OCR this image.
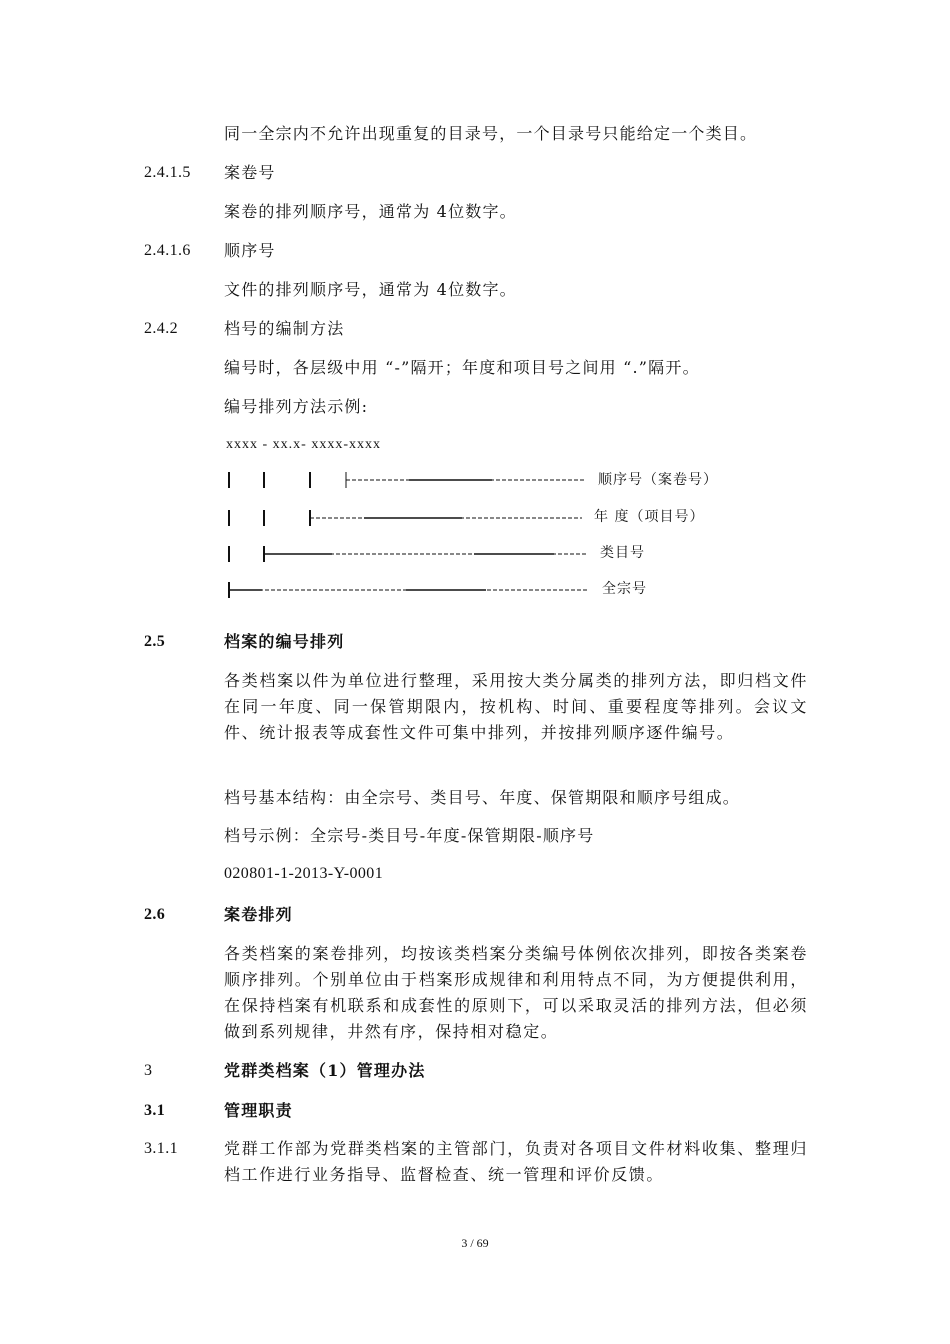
同一全宗内不允许出现重复的目录号，一个目录号只能给定一个类目。
2.4.1.5 案卷号
案卷的排列顺序号，通常为 4位数字。
2.4.1.6 顺序号
文件的排列顺序号，通常为 4位数字。
2.4.2	档号的编制方法
编号时，各层级中用 “-”隔开；年度和项目号之间用 “.”隔开。
编号排列方法示例:
xxxx - xx.x- xxxx-xxxx
顺序号（案卷号）
年 度（项目号）
类目号
全宗号
2.5	档案的编号排列
各类档案以件为单位进行整理，采用按大类分属类的排列方法，即归档文件在同一年度、同一保管期限内，按机构、时间、重要程度等排列。会议文件、统计报表等成套性文件可集中排列，并按排列顺序逐件编号。
档号基本结构：由全宗号、类目号、年度、保管期限和顺序号组成。
档号示例：全宗号-类目号-年度-保管期限-顺序号
020801-1-2013-Y-0001
2.6	案卷排列
各类档案的案卷排列，均按该类档案分类编号体例依次排列，即按各类案卷顺序排列。个别单位由于档案形成规律和利用特点不同，为方便提供利用，在保持档案有机联系和成套性的原则下，可以采取灵活的排列方法，但必须做到系列规律，井然有序，保持相对稳定。
3	党群类档案（1）管理办法
3.1	管理职责
3.1.1	党群工作部为党群类档案的主管部门，负责对各项目文件材料收集、整理归档工作进行业务指导、监督检查、统一管理和评价反馈。
3 / 69
